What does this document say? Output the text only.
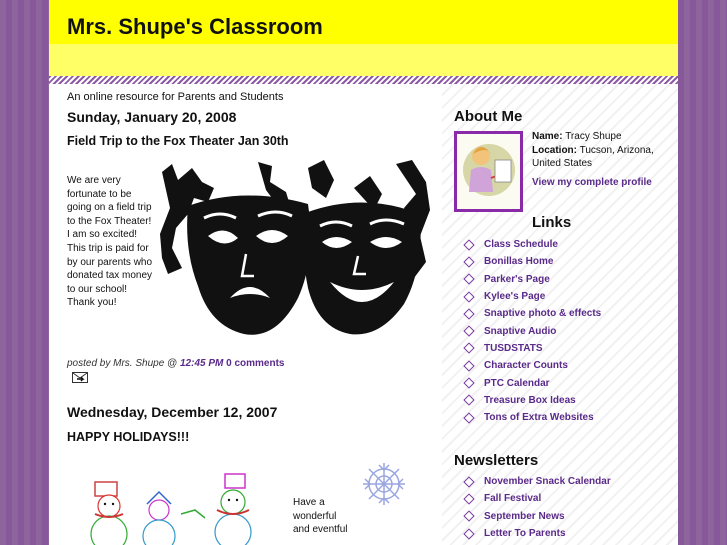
Mrs. Shupe's Classroom
An online resource for Parents and Students
Sunday, January 20, 2008
Field Trip to the Fox Theater Jan 30th
We are very fortunate to be going on a field trip to the Fox Theater! I am so excited! This trip is paid for by our parents who donated tax money to our school! Thank you!
posted by Mrs. Shupe @ 12:45 PM 0 comments
Wednesday, December 12, 2007
HAPPY HOLIDAYS!!!
Have a wonderful and eventful
About Me
Name: Tracy Shupe
Location: Tucson, Arizona, United States
View my complete profile
Links
Class Schedule
Bonillas Home
Parker's Page
Kylee's Page
Snaptive photo & effects
Snaptive Audio
TUSDSTATS
Character Counts
PTC Calendar
Treasure Box Ideas
Tons of Extra Websites
Newsletters
November Snack Calendar
Fall Festival
September News
Letter To Parents
